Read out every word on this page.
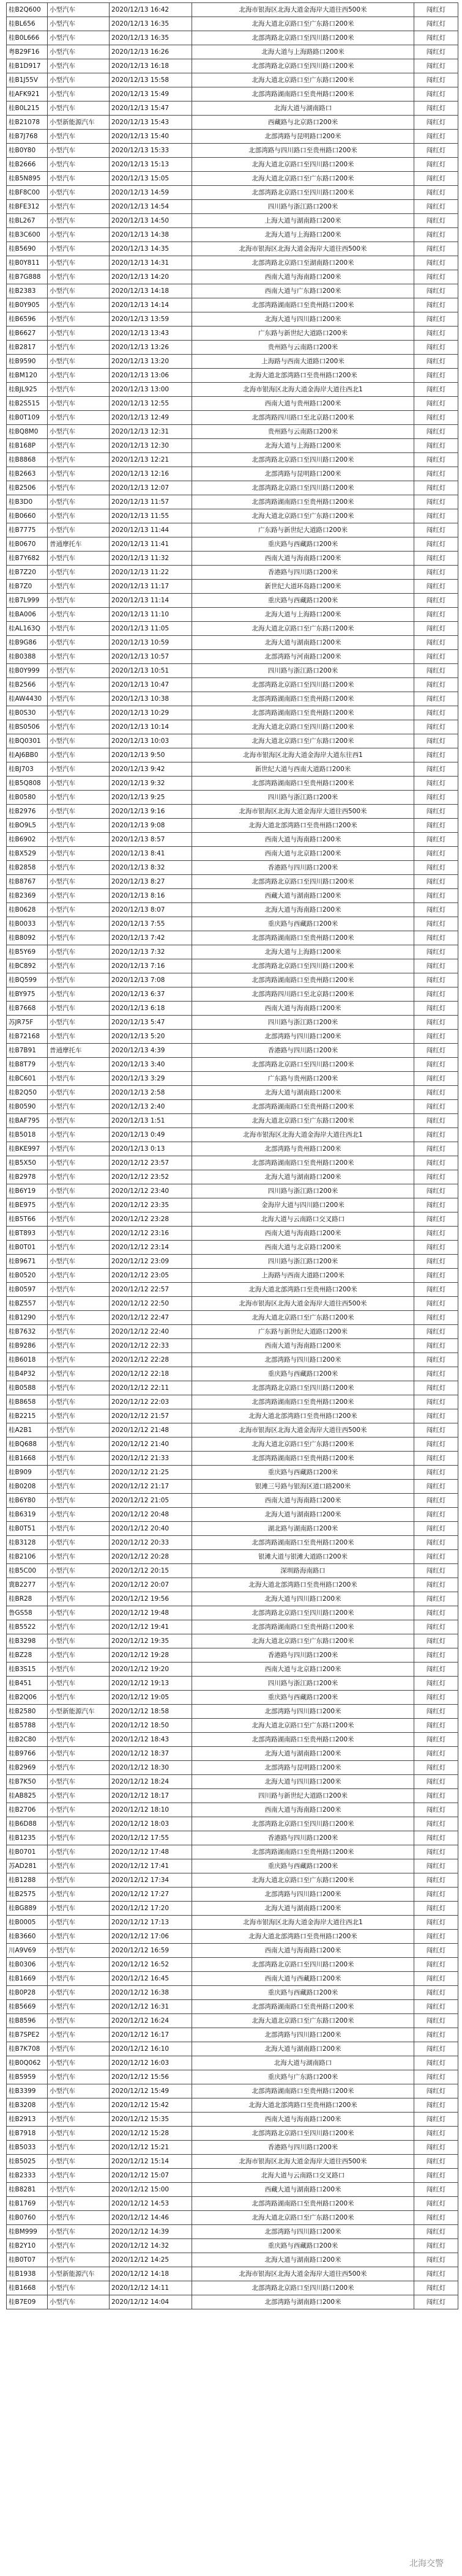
桂B2Q600	小型汽车	2020/12/13 16:42	北海市银海区北海大道金海岸大道往西500米	闯红灯
桂BL656	小型汽车	2020/12/13 16:35	北海大道北京路口至广东路口200米	闯红灯
桂B0L666	小型汽车	2020/12/13 16:35	北部湾路北京路口至四川路口200米	闯红灯
粤B29F16	小型汽车	2020/12/13 16:26	北海大道与上海路路口200米	闯红灯
桂B1D917	小型汽车	2020/12/13 16:18	北部湾路北京路口至四川路口200米	闯红灯
桂B1J55V	小型汽车	2020/12/13 15:58	北海大道北京路口至广东路口200米	闯红灯
桂AFK921	小型汽车	2020/12/13 15:49	北部湾路湖南路口至贵州路口200米	闯红灯
桂B0L215	小型汽车	2020/12/13 15:47	北海大道与湖南路口	闯红灯
桂B21078	小型新能源汽车	2020/12/13 15:43	西藏路与北京路口200米	闯红灯
桂B7J768	小型汽车	2020/12/13 15:40	北部湾路与昆明路口200米	闯红灯
桂B0Y80	小型汽车	2020/12/13 15:33	北部湾路与四川路口至贵州路口200米	闯红灯
桂B2666	小型汽车	2020/12/13 15:13	北海大道北京路口至四川路口200米	闯红灯
桂B5N895	小型汽车	2020/12/13 15:05	北海大道北京路口至广东路口200米	闯红灯
桂BF8C00	小型汽车	2020/12/13 14:59	北部湾路北京路口至四川路口200米	闯红灯
桂BFE312	小型汽车	2020/12/13 14:54	四川路与浙江路口200米	闯红灯
桂BL267	小型汽车	2020/12/13 14:50	上海大道与湖南路口200米	闯红灯
桂B3C600	小型汽车	2020/12/13 14:38	北海大道与上海路口200米	闯红灯
桂B5690	小型汽车	2020/12/13 14:35	北海市银海区北海大道金海岸大道往西500米	闯红灯
桂B0Y811	小型汽车	2020/12/13 14:31	北部湾路北京路口至湖南路口200米	闯红灯
桂B7G888	小型汽车	2020/12/13 14:20	西南大道与海南路口200米	闯红灯
桂B2383	小型汽车	2020/12/13 14:18	西南大道与广东路口200米	闯红灯
桂B0Y905	小型汽车	2020/12/13 14:14	北部湾路湖南路口至贵州路口200米	闯红灯
桂B6596	小型汽车	2020/12/13 13:59	北海大道与四川路口200米	闯红灯
桂B6627	小型汽车	2020/12/13 13:43	广东路与新世纪大道路口200米	闯红灯
桂B2817	小型汽车	2020/12/13 13:26	贵州路与云南路口200米	闯红灯
桂B9590	小型汽车	2020/12/13 13:20	上海路与西南大道路口200米	闯红灯
桂BM120	小型汽车	2020/12/13 13:06	北海大道北部湾路口至贵州路口200米	闯红灯
桂BJL925	小型汽车	2020/12/13 13:00	北海市银海区北海大道金海岸大道往西北1	闯红灯
桂B2S515	小型汽车	2020/12/13 12:55	西南大道与贵州路口200米	闯红灯
桂B0T109	小型汽车	2020/12/13 12:49	北部湾路四川路口至北京路口200米	闯红灯
桂BQ8M0	小型汽车	2020/12/13 12:31	贵州路与云南路口200米	闯红灯
桂B168P	小型汽车	2020/12/13 12:30	北海大道与上海路口200米	闯红灯
桂B8868	小型汽车	2020/12/13 12:21	北部湾路北京路口至四川路口200米	闯红灯
桂B2663	小型汽车	2020/12/13 12:16	北部湾路与昆明路口200米	闯红灯
桂B2506	小型汽车	2020/12/13 12:07	北部湾路北京路口至四川路口200米	闯红灯
桂B3D0	小型汽车	2020/12/13 11:57	北部湾路湖南路口至贵州路口200米	闯红灯
桂B0660	小型汽车	2020/12/13 11:55	北海大道北京路口至广东路口200米	闯红灯
桂B7775	小型汽车	2020/12/13 11:44	广东路与新世纪大道路口200米	闯红灯
桂B0670	普通摩托车	2020/12/13 11:41	重庆路与西藏路口200米	闯红灯
桂B7Y682	小型汽车	2020/12/13 11:32	西南大道与海南路口200米	闯红灯
桂B7Z20	小型汽车	2020/12/13 11:22	香港路与四川路口200米	闯红灯
桂B7Z0	小型汽车	2020/12/13 11:17	新世纪大道环岛路口200米	闯红灯
桂B7L999	小型汽车	2020/12/13 11:14	重庆路与西藏路口200米	闯红灯
桂BA006	小型汽车	2020/12/13 11:10	北海大道与上海路口200米	闯红灯
桂AL163Q	小型汽车	2020/12/13 11:05	北海大道北京路口至广东路口200米	闯红灯
桂B9G86	小型汽车	2020/12/13 10:59	北海大道与湖南路口200米	闯红灯
桂B0388	小型汽车	2020/12/13 10:57	北部湾路与河南路口200米	闯红灯
桂B0Y999	小型汽车	2020/12/13 10:51	四川路与浙江路口200米	闯红灯
桂B2566	小型汽车	2020/12/13 10:47	北部湾路北京路口至四川路口200米	闯红灯
桂AW4430	小型汽车	2020/12/13 10:38	北部湾路湖南路口至贵州路口200米	闯红灯
桂B0S30	小型汽车	2020/12/13 10:29	北部湾路湖南路口至贵州路口200米	闯红灯
桂BS0506	小型汽车	2020/12/13 10:14	北海大道北京路口至四川路口200米	闯红灯
桂BQ0301	小型汽车	2020/12/13 10:03	北海大道北京路口至广东路口200米	闯红灯
桂AJ6BB0	小型汽车	2020/12/13 9:50	北海市银海区北海大道金海岸大道东往西1	闯红灯
桂BJ703	小型汽车	2020/12/13 9:42	新世纪大道与西南大道路口200米	闯红灯
桂B5Q808	小型汽车	2020/12/13 9:32	北部湾路湖南路口至贵州路口200米	闯红灯
桂B0580	小型汽车	2020/12/13 9:25	四川路与浙江路口200米	闯红灯
桂B2976	小型汽车	2020/12/13 9:16	北海市银海区北海大道金海岸大道往西500米	闯红灯
桂BO9L5	小型汽车	2020/12/13 9:08	北海大道北部湾路口至贵州路口200米	闯红灯
桂B6902	小型汽车	2020/12/13 8:57	西南大道与海南路口200米	闯红灯
桂BX529	小型汽车	2020/12/13 8:41	西南大道与北京路口200米	闯红灯
桂B2858	小型汽车	2020/12/13 8:32	香港路与四川路口200米	闯红灯
桂B8767	小型汽车	2020/12/13 8:27	北部湾路北京路口至四川路口200米	闯红灯
桂B2369	小型汽车	2020/12/13 8:16	西藏大道与湖南路口200米	闯红灯
桂B0628	小型汽车	2020/12/13 8:07	北海大道与海南路口200米	闯红灯
桂B0033	小型汽车	2020/12/13 7:55	重庆路与西藏路口200米	闯红灯
桂B8092	小型汽车	2020/12/13 7:42	北部湾路湖南路口至贵州路口200米	闯红灯
桂B5Y69	小型汽车	2020/12/13 7:32	北海大道与上海路口200米	闯红灯
桂BC892	小型汽车	2020/12/13 7:16	北部湾路北京路口至四川路口200米	闯红灯
桂BQ599	小型汽车	2020/12/13 7:08	北部湾路湖南路口至贵州路口200米	闯红灯
桂BY975	小型汽车	2020/12/13 6:37	北部湾路四川路口至北京路口200米	闯红灯
桂B7668	小型汽车	2020/12/13 6:18	西南大道与海南路口200米	闯红灯
苏JR75F	小型汽车	2020/12/13 5:47	四川路与浙江路口200米	闯红灯
桂B72168	小型汽车	2020/12/13 5:20	北部湾路与四川路口200米	闯红灯
桂B7B91	普通摩托车	2020/12/13 4:39	香港路与四川路口200米	闯红灯
桂B8T79	小型汽车	2020/12/13 3:40	北部湾路北京路口至四川路口200米	闯红灯
桂BC601	小型汽车	2020/12/13 3:29	广东路与贵州路口200米	闯红灯
桂B2Q50	小型汽车	2020/12/13 2:58	北海大道与湖南路口200米	闯红灯
桂B0590	小型汽车	2020/12/13 2:40	北部湾路湖南路口至贵州路口200米	闯红灯
桂BAF795	小型汽车	2020/12/13 1:51	北海大道北京路口至广东路口200米	闯红灯
桂B5018	小型汽车	2020/12/13 0:49	北海市银海区北海大道金海岸大道往西北1	闯红灯
桂BKE997	小型汽车	2020/12/13 0:13	北部湾路与贵州路口200米	闯红灯
桂B5X50	小型汽车	2020/12/12 23:57	北部湾路湖南路口至贵州路口200米	闯红灯
桂B2978	小型汽车	2020/12/12 23:52	北海大道与湖南路口200米	闯红灯
桂B6Y19	小型汽车	2020/12/12 23:40	四川路与浙江路口200米	闯红灯
桂BE975	小型汽车	2020/12/12 23:35	金海岸大道与四川路口200米	闯红灯
桂B5T66	小型汽车	2020/12/12 23:28	北海大道与云南路口交叉路口	闯红灯
桂BT893	小型汽车	2020/12/12 23:16	西南大道与海南路口200米	闯红灯
桂B0T01	小型汽车	2020/12/12 23:14	西南大道与北京路口200米	闯红灯
桂B9671	小型汽车	2020/12/12 23:09	四川路与浙江路口200米	闯红灯
桂B0520	小型汽车	2020/12/12 23:05	上海路与西南大道路口200米	闯红灯
桂B0597	小型汽车	2020/12/12 22:57	北海大道北部湾路口至贵州路口200米	闯红灯
桂BZ557	小型汽车	2020/12/12 22:50	北海市银海区北海大道金海岸大道往西500米	闯红灯
桂B1290	小型汽车	2020/12/12 22:47	北海大道北京路口至广东路口200米	闯红灯
桂B7632	小型汽车	2020/12/12 22:40	广东路与新世纪大道路口200米	闯红灯
桂B9286	小型汽车	2020/12/12 22:33	西南大道与海南路口200米	闯红灯
桂B6018	小型汽车	2020/12/12 22:28	北部湾路与四川路口200米	闯红灯
桂B4P32	小型汽车	2020/12/12 22:18	重庆路与西藏路口200米	闯红灯
桂B0588	小型汽车	2020/12/12 22:11	北部湾路北京路口至四川路口200米	闯红灯
桂B8658	小型汽车	2020/12/12 22:03	北部湾路湖南路口至贵州路口200米	闯红灯
桂B2215	小型汽车	2020/12/12 21:57	北海大道北部湾路口至贵州路口200米	闯红灯
桂A2B1	小型汽车	2020/12/12 21:48	北海市银海区北海大道金海岸大道往西500米	闯红灯
桂BQ688	小型汽车	2020/12/12 21:40	北海大道北京路口至广东路口200米	闯红灯
桂B1668	小型汽车	2020/12/12 21:33	北部湾路湖南路口至贵州路口200米	闯红灯
桂B909	小型汽车	2020/12/12 21:25	重庆路与西藏路口200米	闯红灯
桂B0208	小型汽车	2020/12/12 21:17	银滩三号路与银海区道口路200米	闯红灯
桂B6Y80	小型汽车	2020/12/12 21:05	西南大道与海南路口200米	闯红灯
桂B6319	小型汽车	2020/12/12 20:48	北海大道与湖南路口200米	闯红灯
桂B0T51	小型汽车	2020/12/12 20:40	湖北路与湖南路口200米	闯红灯
桂B3128	小型汽车	2020/12/12 20:33	北部湾路湖南路口至贵州路口200米	闯红灯
桂B2106	小型汽车	2020/12/12 20:28	银滩大道与银滩大道路口200米	闯红灯
桂B5C00	小型汽车	2020/12/12 20:15	深圳路海南路口	闯红灯
冀B2277	小型汽车	2020/12/12 20:07	北海大道北部湾路口至贵州路口200米	闯红灯
桂BR28	小型汽车	2020/12/12 19:56	北海大道与四川路口200米	闯红灯
鲁GS58	小型汽车	2020/12/12 19:48	北部湾路北京路口至四川路口200米	闯红灯
桂B5522	小型汽车	2020/12/12 19:41	北部湾路湖南路口至贵州路口200米	闯红灯
桂B3298	小型汽车	2020/12/12 19:35	北海大道北京路口至广东路口200米	闯红灯
桂BZ28	小型汽车	2020/12/12 19:28	香港路与四川路口200米	闯红灯
桂B3S15	小型汽车	2020/12/12 19:20	西南大道与北京路口200米	闯红灯
桂B451	小型汽车	2020/12/12 19:13	四川路与浙江路口200米	闯红灯
桂B2Q06	小型汽车	2020/12/12 19:05	重庆路与西藏路口200米	闯红灯
桂B2580	小型新能源汽车	2020/12/12 18:58	北部湾路与四川路口200米	闯红灯
桂B5788	小型汽车	2020/12/12 18:50	北海大道北京路口至广东路口200米	闯红灯
桂B2C80	小型汽车	2020/12/12 18:43	北部湾路湖南路口至贵州路口200米	闯红灯
桂B9766	小型汽车	2020/12/12 18:37	北海大道与湖南路口200米	闯红灯
桂B2969	小型汽车	2020/12/12 18:30	北部湾路与昆明路口200米	闯红灯
桂B7K50	小型汽车	2020/12/12 18:24	北海大道与四川路口200米	闯红灯
桂AB825	小型汽车	2020/12/12 18:17	四川路与新世纪大道路口200米	闯红灯
桂B2706	小型汽车	2020/12/12 18:10	西南大道与海南路口200米	闯红灯
桂B6D88	小型汽车	2020/12/12 18:03	北部湾路北京路口至四川路口200米	闯红灯
桂B1235	小型汽车	2020/12/12 17:55	香港路与四川路口200米	闯红灯
桂B0701	小型汽车	2020/12/12 17:48	北部湾路湖南路口至贵州路口200米	闯红灯
苏AD281	小型汽车	2020/12/12 17:41	重庆路与西藏路口200米	闯红灯
桂B1288	小型汽车	2020/12/12 17:34	北海大道北京路口至广东路口200米	闯红灯
桂B2575	小型汽车	2020/12/12 17:27	北部湾路与四川路口200米	闯红灯
桂BG889	小型汽车	2020/12/12 17:20	北海大道与湖南路口200米	闯红灯
桂B0005	小型汽车	2020/12/12 17:13	北海市银海区北海大道金海岸大道往西北1	闯红灯
桂B3660	小型汽车	2020/12/12 17:06	北海大道北部湾路口至贵州路口200米	闯红灯
川A9V69	小型汽车	2020/12/12 16:59	西南大道与海南路口200米	闯红灯
桂B0306	小型汽车	2020/12/12 16:52	北部湾路北京路口至四川路口200米	闯红灯
桂B1669	小型汽车	2020/12/12 16:45	西南大道与西藏路口200米	闯红灯
桂B0P28	小型汽车	2020/12/12 16:38	重庆路与西藏路口200米	闯红灯
桂B5669	小型汽车	2020/12/12 16:31	北部湾路湖南路口至贵州路口200米	闯红灯
桂B8596	小型汽车	2020/12/12 16:24	北海大道北京路口至广东路口200米	闯红灯
桂B7SPE2	小型汽车	2020/12/12 16:17	北部湾路与四川路口200米	闯红灯
桂B7K708	小型汽车	2020/12/12 16:10	北海大道与湖南路口200米	闯红灯
桂B0Q062	小型汽车	2020/12/12 16:03	北海大道与湖南路口	闯红灯
桂B5959	小型汽车	2020/12/12 15:56	重庆路与广东路口200米	闯红灯
桂B3399	小型汽车	2020/12/12 15:49	北部湾路湖南路口至贵州路口200米	闯红灯
桂B3208	小型汽车	2020/12/12 15:42	北海大道北部湾路口至贵州路口200米	闯红灯
桂B2913	小型汽车	2020/12/12 15:35	西南大道与海南路口200米	闯红灯
桂B7918	小型汽车	2020/12/12 15:28	北部湾路北京路口至四川路口200米	闯红灯
桂B5033	小型汽车	2020/12/12 15:21	香港路与四川路口200米	闯红灯
桂B5025	小型汽车	2020/12/12 15:14	北海市银海区北海大道金海岸大道往西500米	闯红灯
桂B2333	小型汽车	2020/12/12 15:07	北海大道与云南路口交叉路口	闯红灯
桂B8281	小型汽车	2020/12/12 15:00	西藏大道与湖南路口200米	闯红灯
桂B1769	小型汽车	2020/12/12 14:53	北部湾路湖南路口至贵州路口200米	闯红灯
桂B0760	小型汽车	2020/12/12 14:46	北海大道北京路口至广东路口200米	闯红灯
桂BM999	小型汽车	2020/12/12 14:39	北部湾路与四川路口200米	闯红灯
桂B2Y10	小型汽车	2020/12/12 14:32	重庆路与西藏路口200米	闯红灯
桂B0T07	小型汽车	2020/12/12 14:25	北海大道与湖南路口200米	闯红灯
桂B1938	小型新能源汽车	2020/12/12 14:18	北海市银海区北海大道金海岸大道往西500米	闯红灯
桂B1668	小型汽车	2020/12/12 14:11	北部湾路北京路口至四川路口200米	闯红灯
桂B7E09	小型汽车	2020/12/12 14:04	北部湾路与湖南路口200米	闯红灯
北海交警
